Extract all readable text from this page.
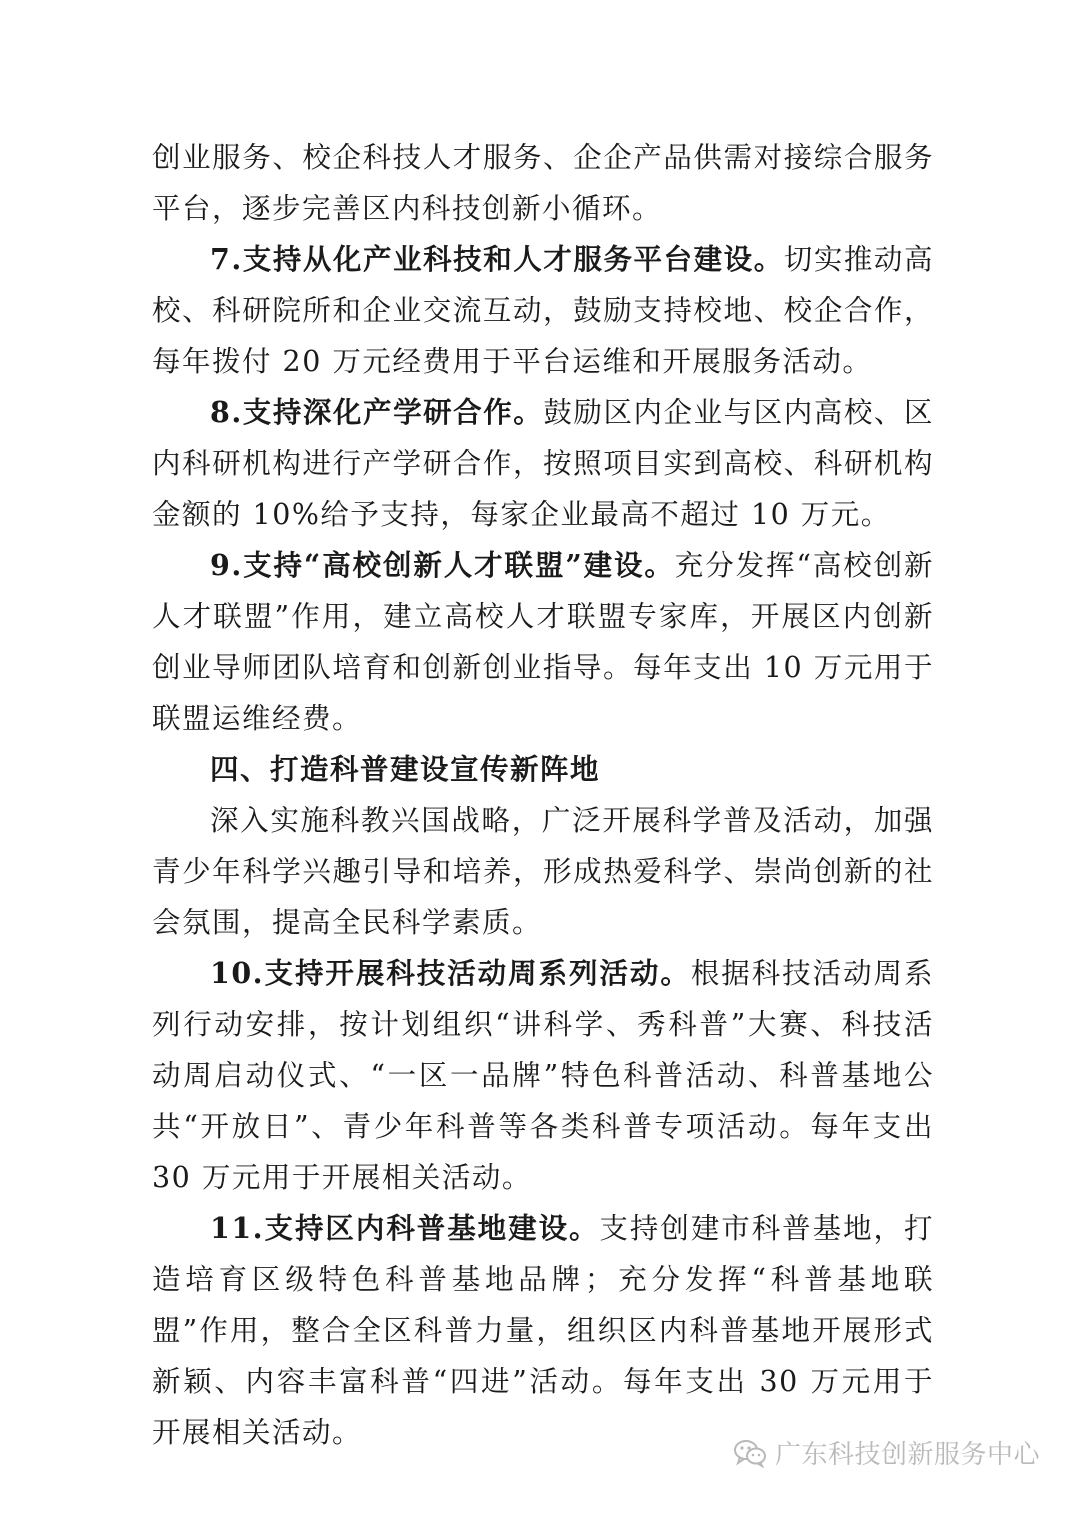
创业服务、校企科技人才服务、企企产品供需对接综合服务平台，逐步完善区内科技创新小循环。

7.支持从化产业科技和人才服务平台建设。切实推动高校、科研院所和企业交流互动，鼓励支持校地、校企合作，每年拨付 20 万元经费用于平台运维和开展服务活动。

8.支持深化产学研合作。鼓励区内企业与区内高校、区内科研机构进行产学研合作，按照项目实到高校、科研机构金额的 10%给予支持，每家企业最高不超过 10 万元。

9.支持“高校创新人才联盟”建设。充分发挥“高校创新人才联盟”作用，建立高校人才联盟专家库，开展区内创新创业导师团队培育和创新创业指导。每年支出 10 万元用于联盟运维经费。

四、打造科普建设宣传新阵地

深入实施科教兴国战略，广泛开展科学普及活动，加强青少年科学兴趣引导和培养，形成热爱科学、崇尚创新的社会氛围，提高全民科学素质。

10.支持开展科技活动周系列活动。根据科技活动周系列行动安排，按计划组织“讲科学、秀科普”大赛、科技活动周启动仪式、“一区一品牌”特色科普活动、科普基地公共“开放日”、青少年科普等各类科普专项活动。每年支出 30 万元用于开展相关活动。

11.支持区内科普基地建设。支持创建市科普基地，打造培育区级特色科普基地品牌；充分发挥“科普基地联盟”作用，整合全区科普力量，组织区内科普基地开展形式新颖、内容丰富科普“四进”活动。每年支出 30 万元用于开展相关活动。

广东科技创新服务中心
